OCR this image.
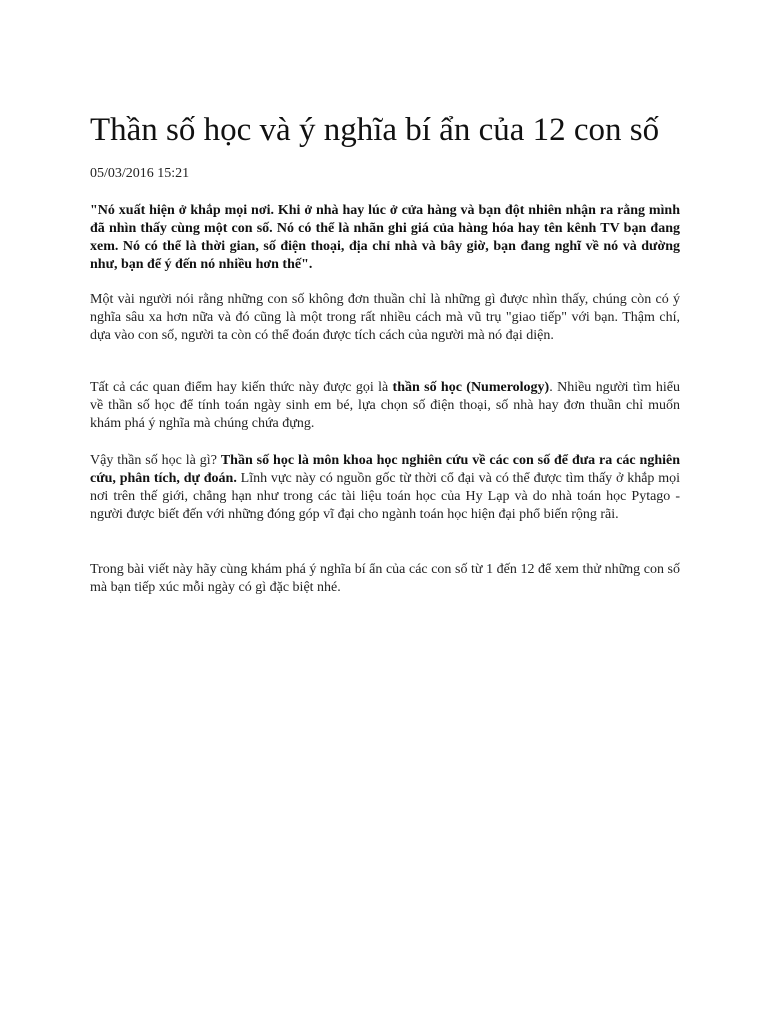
Thần số học và ý nghĩa bí ẩn của 12 con số
05/03/2016 15:21

"Nó xuất hiện ở khắp mọi nơi. Khi ở nhà hay lúc ở cửa hàng và bạn đột nhiên nhận ra rằng mình đã nhìn thấy cùng một con số. Nó có thể là nhãn ghi giá của hàng hóa hay tên kênh TV bạn đang xem. Nó có thể là thời gian, số điện thoại, địa chỉ nhà và bây giờ, bạn đang nghĩ về nó và dường như, bạn để ý đến nó nhiều hơn thế".

Một vài người nói rằng những con số không đơn thuần chỉ là những gì được nhìn thấy, chúng còn có ý nghĩa sâu xa hơn nữa và đó cũng là một trong rất nhiều cách mà vũ trụ "giao tiếp" với bạn. Thậm chí, dựa vào con số, người ta còn có thể đoán được tích cách của người mà nó đại diện.

Tất cả các quan điểm hay kiến thức này được gọi là thần số học (Numerology). Nhiều người tìm hiểu về thần số học để tính toán ngày sinh em bé, lựa chọn số điện thoại, số nhà hay đơn thuần chỉ muốn khám phá ý nghĩa mà chúng chứa đựng.

Vậy thần số học là gì? Thần số học là môn khoa học nghiên cứu về các con số để đưa ra các nghiên cứu, phân tích, dự đoán. Lĩnh vực này có nguồn gốc từ thời cổ đại và có thể được tìm thấy ở khắp mọi nơi trên thế giới, chẳng hạn như trong các tài liệu toán học của Hy Lạp và do nhà toán học Pytago - người được biết đến với những đóng góp vĩ đại cho ngành toán học hiện đại phổ biến rộng rãi.

Trong bài viết này hãy cùng khám phá ý nghĩa bí ẩn của các con số từ 1 đến 12 để xem thử những con số mà bạn tiếp xúc mỗi ngày có gì đặc biệt nhé.
